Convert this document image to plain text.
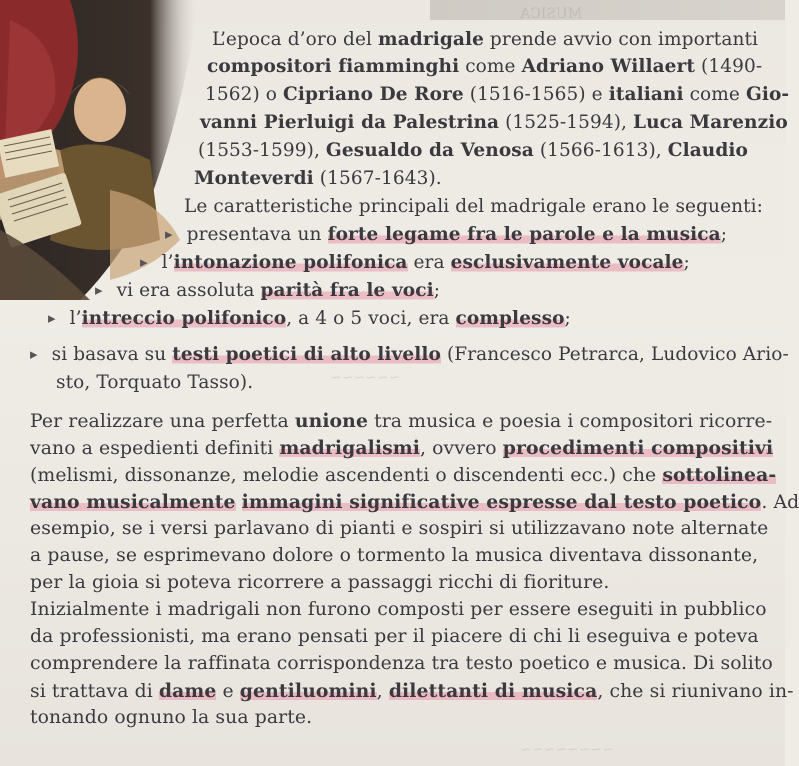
MUSICA
~~~~~~
~~~~~~~~
L’epoca d’oro del madrigale prende avvio con importanti
compositori fiamminghi come Adriano Willaert (1490-
1562) o Cipriano De Rore (1516-1565) e italiani come Gio-
vanni Pierluigi da Palestrina (1525-1594), Luca Marenzio
(1553-1599), Gesualdo da Venosa (1566-1613), Claudio
Monteverdi (1567-1643).
Le caratteristiche principali del madrigale erano le seguenti:
▸ presentava un forte legame fra le parole e la musica;
▸ l’intonazione polifonica era esclusivamente vocale;
▸ vi era assoluta parità fra le voci;
▸ l’intreccio polifonico, a 4 o 5 voci, era complesso;
▸ si basava su testi poetici di alto livello (Francesco Petrarca, Ludovico Ario-
sto, Torquato Tasso).
Per realizzare una perfetta unione tra musica e poesia i compositori ricorre-
vano a espedienti definiti madrigalismi, ovvero procedimenti compositivi
(melismi, dissonanze, melodie ascendenti o discendenti ecc.) che sottolinea-
vano musicalmente immagini significative espresse dal testo poetico. Ad
esempio, se i versi parlavano di pianti e sospiri si utilizzavano note alternate
a pause, se esprimevano dolore o tormento la musica diventava dissonante,
per la gioia si poteva ricorrere a passaggi ricchi di fioriture.
Inizialmente i madrigali non furono composti per essere eseguiti in pubblico
da professionisti, ma erano pensati per il piacere di chi li eseguiva e poteva
comprendere la raffinata corrispondenza tra testo poetico e musica. Di solito
si trattava di dame e gentiluomini, dilettanti di musica, che si riunivano in-
tonando ognuno la sua parte.
